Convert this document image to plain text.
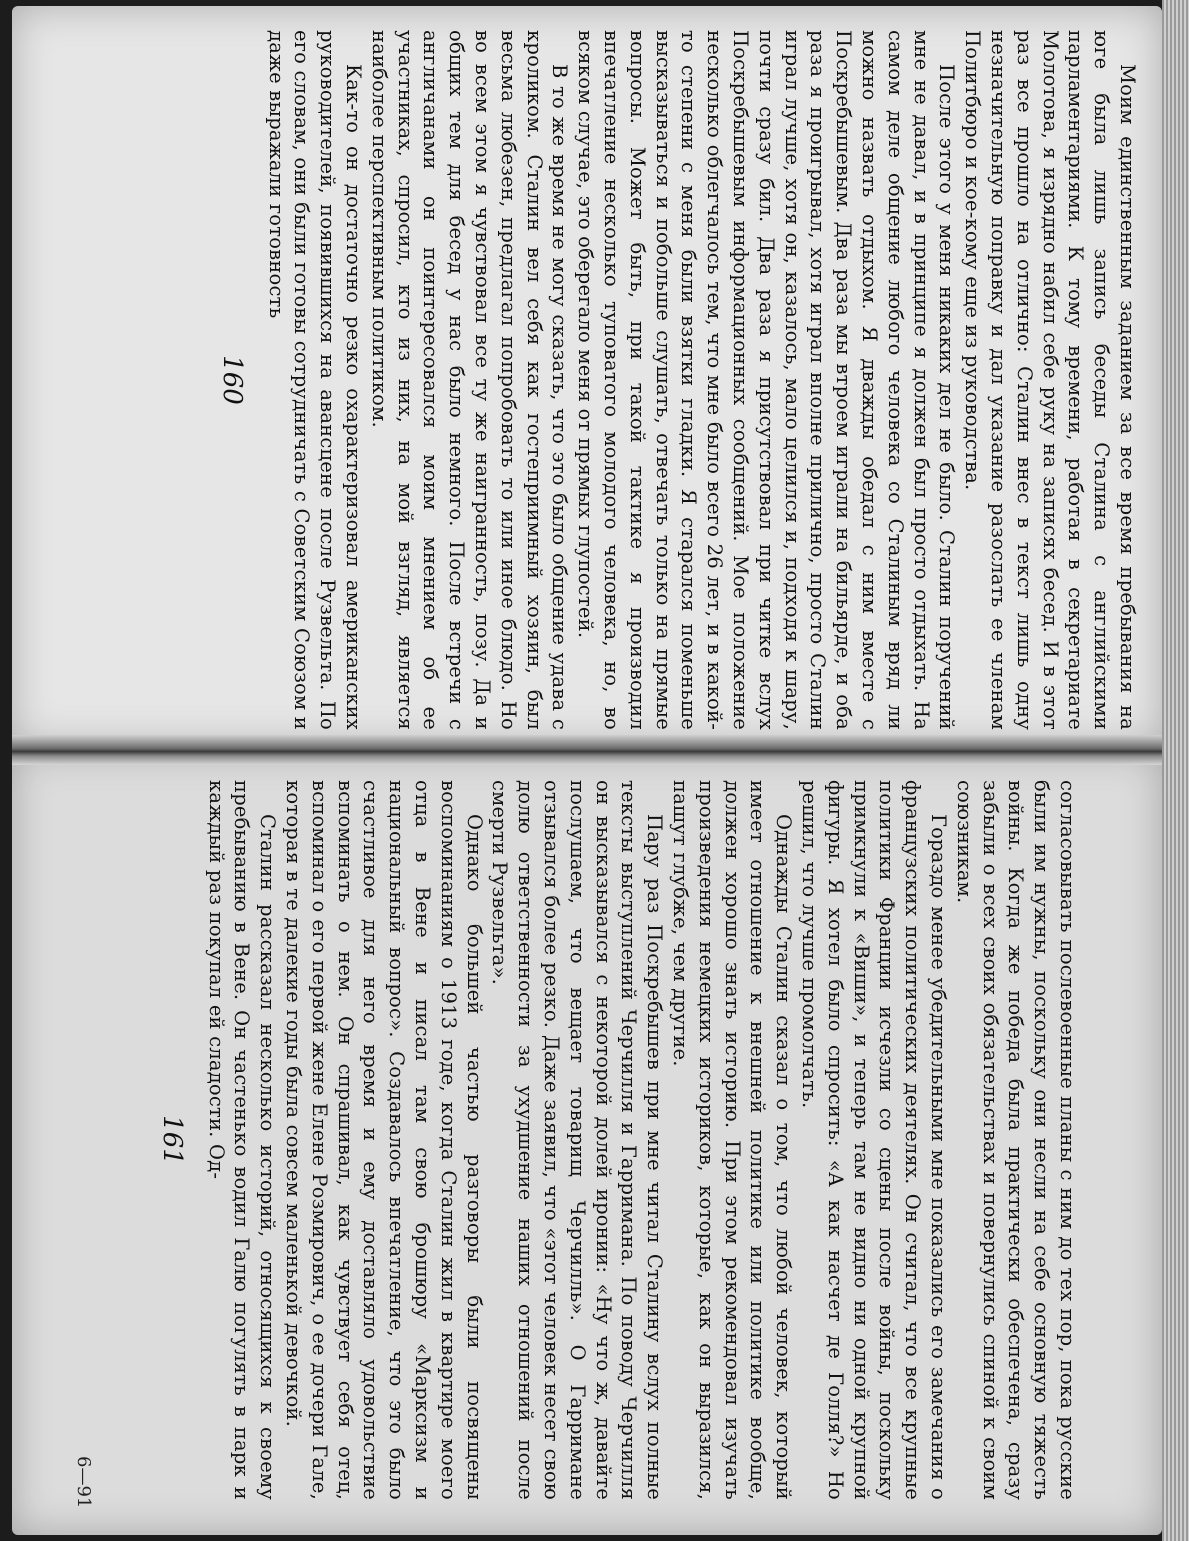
Моим единственным заданием за все время пребывания на юге была лишь запись беседы Сталина с английскими парламентариями. К тому времени, работая в секретариате Молотова, я изрядно набил себе руку на записях бесед. И в этот раз все прошло на отлично: Сталин внес в текст лишь одну незначительную поправку и дал указание разослать ее членам Политбюро и кое-кому еще из руководства.

После этого у меня никаких дел не было. Сталин поручений мне не давал, и в принципе я должен был просто отдыхать. На самом деле общение любого человека со Сталиным вряд ли можно назвать отдыхом. Я дважды обедал с ним вместе с Поскребышевым. Два раза мы втроем играли на бильярде, и оба раза я проигрывал, хотя играл вполне прилично, просто Сталин играл лучше, хотя он, казалось, мало целился и, подходя к шару, почти сразу бил. Два раза я присутствовал при читке вслух Поскребышевым информационных сообщений. Мое положение несколько облегчалось тем, что мне было всего 26 лет, и в какой-то степени с меня были взятки гладки. Я старался поменьше высказываться и побольше слушать, отвечать только на прямые вопросы. Может быть, при такой тактике я производил впечатление несколько туповатого молодого человека, но, во всяком случае, это оберегало меня от прямых глупостей.

В то же время не могу сказать, что это было общение удава с кроликом. Сталин вел себя как гостеприимный хозяин, был весьма любезен, предлагал попробовать то или иное блюдо. Но во всем этом я чувствовал все ту же наигранность, позу. Да и общих тем для бесед у нас было немного. После встречи с англичанами он поинтересовался моим мнением об ее участниках, спросил, кто из них, на мой взгляд, является наиболее перспективным политиком.

Как-то он достаточно резко охарактеризовал американских руководителей, появившихся на авансцене после Рузвельта. По его словам, они были готовы сотрудничать с Советским Союзом и даже выражали готовность

160

согласовывать послевоенные планы с ним до тех пор, пока русские были им нужны, поскольку они несли на себе основную тяжесть войны. Когда же победа была практически обеспечена, сразу забыли о всех своих обязательствах и повернулись спиной к своим союзникам.

Гораздо менее убедительными мне показались его замечания о французских политических деятелях. Он считал, что все крупные политики Франции исчезли со сцены после войны, поскольку примкнули к «Виши», и теперь там не видно ни одной крупной фигуры. Я хотел было спросить: «А как насчет де Голля?» Но решил, что лучше промолчать.

Однажды Сталин сказал о том, что любой человек, который имеет отношение к внешней политике или политике вообще, должен хорошо знать историю. При этом рекомендовал изучать произведения немецких историков, которые, как он выразился, пашут глубже, чем другие.

Пару раз Поскребышев при мне читал Сталину вслух полные тексты выступлений Черчилля и Гарримана. По поводу Черчилля он высказывался с некоторой долей иронии: «Ну что ж, давайте послушаем, что вещает товарищ Черчилль». О Гарримане отзывался более резко. Даже заявил, что «этот человек несет свою долю ответственности за ухудшение наших отношений после смерти Рузвельта».

Однако большей частью разговоры были посвящены воспоминаниям о 1913 годе, когда Сталин жил в квартире моего отца в Вене и писал там свою брошюру «Марксизм и национальный вопрос». Создавалось впечатление, что это было счастливое для него время и ему доставляло удовольствие вспоминать о нем. Он спрашивал, как чувствует себя отец, вспоминал о его первой жене Елене Розмирович, о ее дочери Гале, которая в те далекие годы была совсем маленькой девочкой.

Сталин рассказал несколько историй, относящихся к своему пребыванию в Вене. Он частенько водил Галю погулять в парк и каждый раз покупал ей сладости. Од-

161
6—91
